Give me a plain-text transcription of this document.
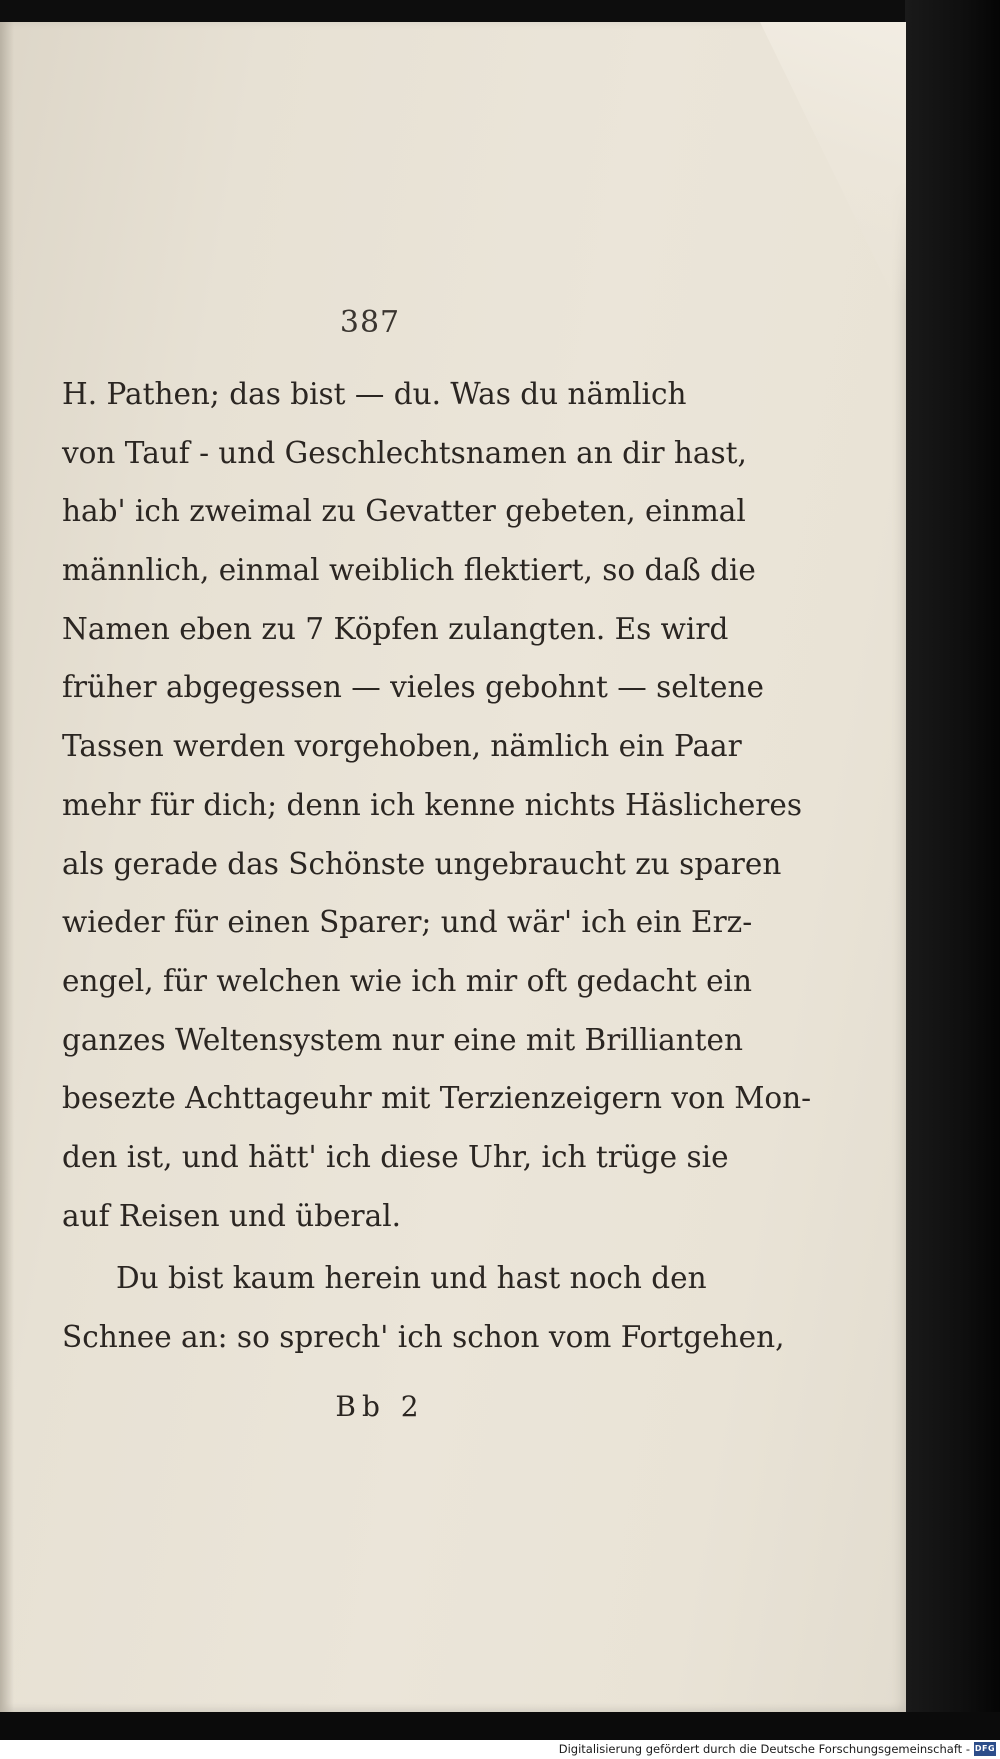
387
H. Pathen; das bist — du. Was du nämlich
von Tauf - und Geschlechtsnamen an dir hast,
hab' ich zweimal zu Gevatter gebeten, einmal
männlich, einmal weiblich flektiert, so daß die
Namen eben zu 7 Köpfen zulangten. Es wird
früher abgegessen — vieles gebohnt — seltene
Tassen werden vorgehoben, nämlich ein Paar
mehr für dich; denn ich kenne nichts Häslicheres
als gerade das Schönste ungebraucht zu sparen
wieder für einen Sparer; und wär' ich ein Erz-
engel, für welchen wie ich mir oft gedacht ein
ganzes Weltensystem nur eine mit Brillianten
besezte Achttageuhr mit Terzienzeigern von Mon-
den ist, und hätt' ich diese Uhr, ich trüge sie
auf Reisen und überal.
Du bist kaum herein und hast noch den
Schnee an: so sprech' ich schon vom Fortgehen,
Bb 2
Digitalisierung gefördert durch die Deutsche Forschungsgemeinschaft - DFG
